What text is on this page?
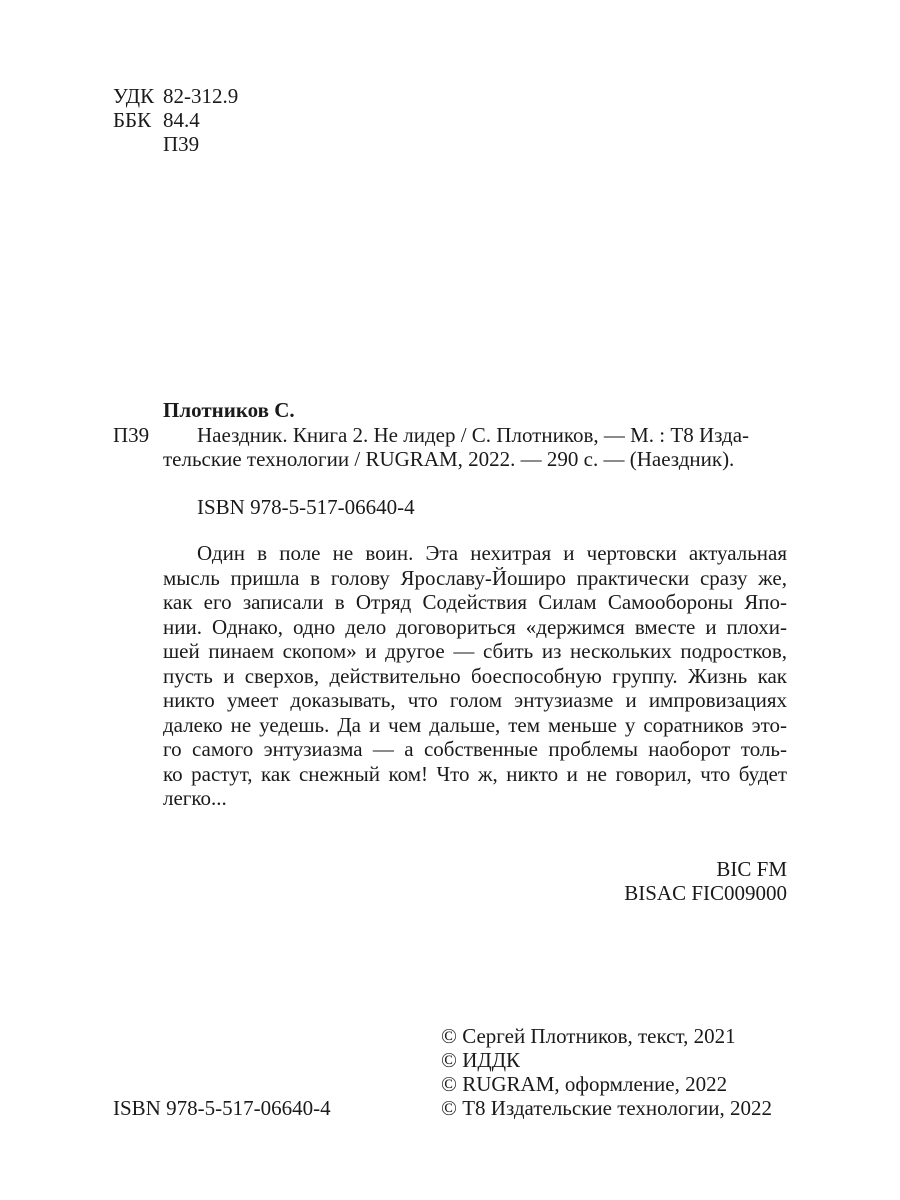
УДК 82-312.9
ББК 84.4
П39
Плотников С.
П39 Наездник. Книга 2. Не лидер / С. Плотников, — М. : Т8 Изда-
тельские технологии / RUGRAM, 2022. — 290 с. — (Наездник).
ISBN 978-5-517-06640-4
Один в поле не воин. Эта нехитрая и чертовски актуальная
мысль пришла в голову Ярославу-Йоширо практически сразу же,
как его записали в Отряд Содействия Силам Самообороны Япо-
нии. Однако, одно дело договориться «держимся вместе и плохи-
шей пинаем скопом» и другое — сбить из нескольких подростков,
пусть и сверхов, действительно боеспособную группу. Жизнь как
никто умеет доказывать, что голом энтузиазме и импровизациях
далеко не уедешь. Да и чем дальше, тем меньше у соратников это-
го самого энтузиазма — а собственные проблемы наоборот толь-
ко растут, как снежный ком! Что ж, никто и не говорил, что будет
легко...
BIC FM
BISAC FIC009000
ISBN 978-5-517-06640-4
© Сергей Плотников, текст, 2021
© ИДДК
© RUGRAM, оформление, 2022
© Т8 Издательские технологии, 2022
